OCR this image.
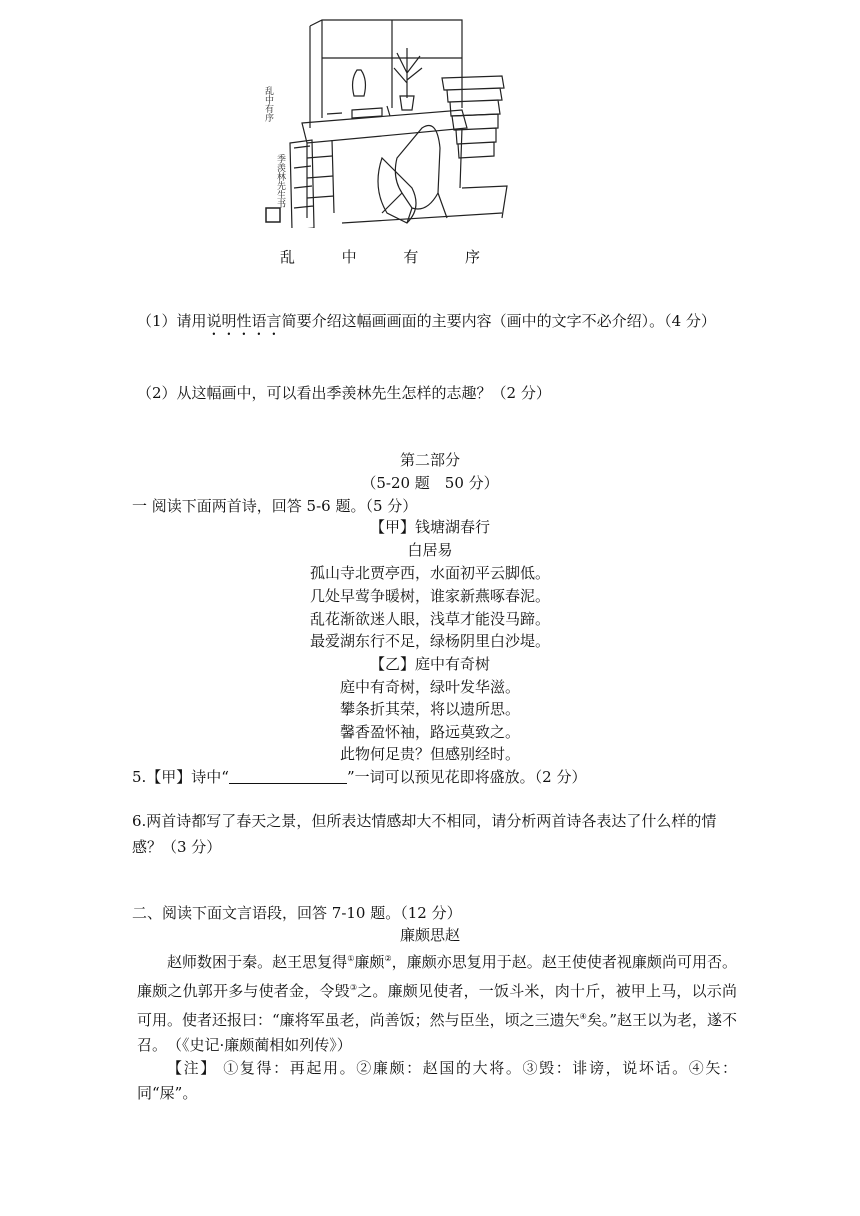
乱中有序
季羡林先生书
乱	中	有	序
（1）请用说明性语言简要介绍这幅画画面的主要内容（画中的文字不必介绍）。（4 分）
（2）从这幅画中，可以看出季羡林先生怎样的志趣？（2 分）
第二部分
（5-20 题　50 分）
一 阅读下面两首诗，回答 5-6 题。（5 分）
【甲】钱塘湖春行
白居易
孤山寺北贾亭西，水面初平云脚低。
几处早莺争暖树，谁家新燕啄春泥。
乱花渐欲迷人眼，浅草才能没马蹄。
最爱湖东行不足，绿杨阴里白沙堤。
【乙】庭中有奇树
庭中有奇树，绿叶发华滋。
攀条折其荣，将以遗所思。
馨香盈怀袖，路远莫致之。
此物何足贵？但感别经时。
5.【甲】诗中“	”一词可以预见花即将盛放。（2 分）
6.两首诗都写了春天之景，但所表达情感却大不相同，请分析两首诗各表达了什么样的情感？（3 分）
二、阅读下面文言语段，回答 7-10 题。（12 分）
廉颇思赵
赵师数困于秦。赵王思复得①廉颇②，廉颇亦思复用于赵。赵王使使者视廉颇尚可用否。廉颇之仇郭开多与使者金，令毁③之。廉颇见使者，一饭斗米，肉十斤，被甲上马，以示尚可用。使者还报曰：“廉将军虽老，尚善饭；然与臣坐，顷之三遗矢④矣。”赵王以为老，遂不召。 （《史记·廉颇蔺相如列传》）
【注】 ①复得：再起用。②廉颇：赵国的大将。③毁：诽谤，说坏话。④矢：同“屎”。
